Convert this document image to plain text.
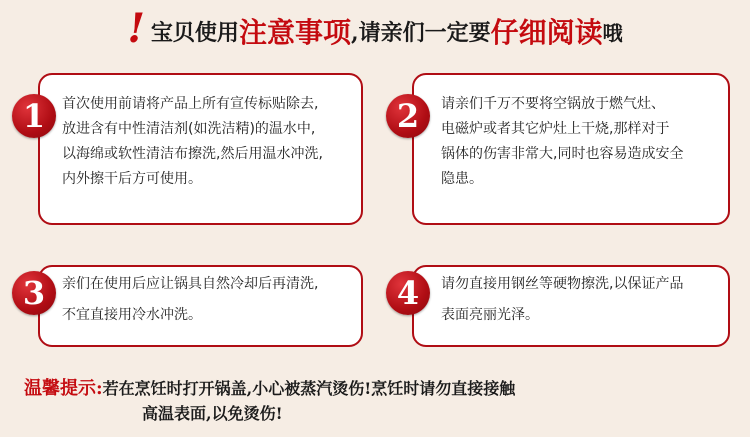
! 宝贝使用 注意事项 ,请亲们一定要 仔细阅读 哦
1	首次使用前请将产品上所有宣传标贴除去,
放进含有中性清洁剂(如洗洁精)的温水中,
以海绵或软性清洁布擦洗,然后用温水冲洗,
内外擦干后方可使用。
2	请亲们千万不要将空锅放于燃气灶、
电磁炉或者其它炉灶上干烧,那样对于
锅体的伤害非常大,同时也容易造成安全
隐患。
3	亲们在使用后应让锅具自然冷却后再清洗,
不宜直接用冷水冲洗。
4	请勿直接用钢丝等硬物擦洗,以保证产品
表面亮丽光泽。
温馨提示:若在烹饪时打开锅盖,小心被蒸汽烫伤!烹饪时请勿直接接触
高温表面,以免烫伤!
